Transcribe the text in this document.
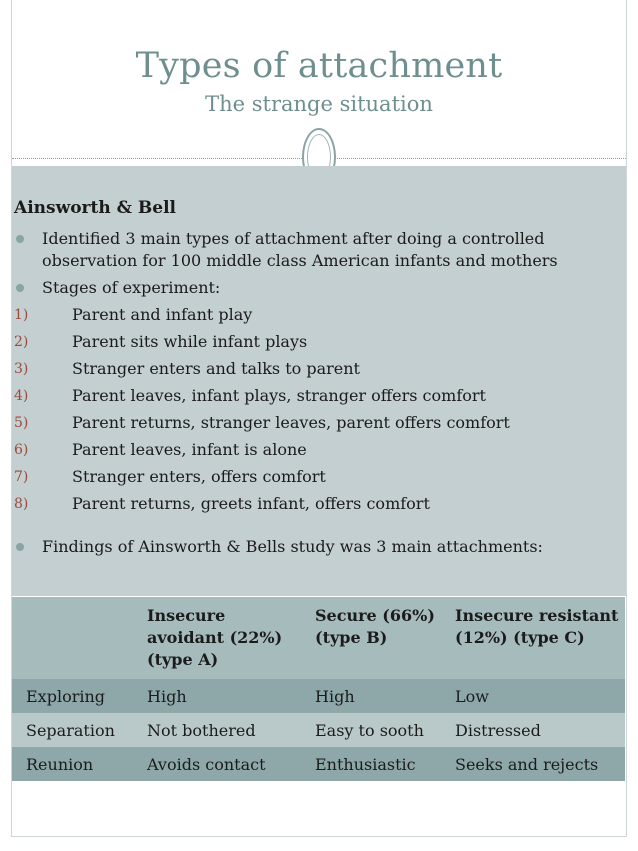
Types of attachment
The strange situation
Ainsworth & Bell
Identified 3 main types of attachment after doing a controlled observation for 100 middle class American infants and mothers
Stages of experiment:
1)	Parent and infant play
2)	Parent sits while infant plays
3)	Stranger enters and talks to parent
4)	Parent leaves, infant plays, stranger offers comfort
5)	Parent returns, stranger leaves, parent offers comfort
6)	Parent leaves, infant is alone
7)	Stranger enters, offers comfort
8)	Parent returns, greets infant, offers comfort
Findings of Ainsworth & Bells study was 3 main attachments:
	Insecure avoidant (22%) (type A)	Secure (66%) (type B)	Insecure resistant (12%) (type C)
Exploring	High	High	Low
Separation	Not bothered	Easy to sooth	Distressed
Reunion	Avoids contact	Enthusiastic	Seeks and rejects
